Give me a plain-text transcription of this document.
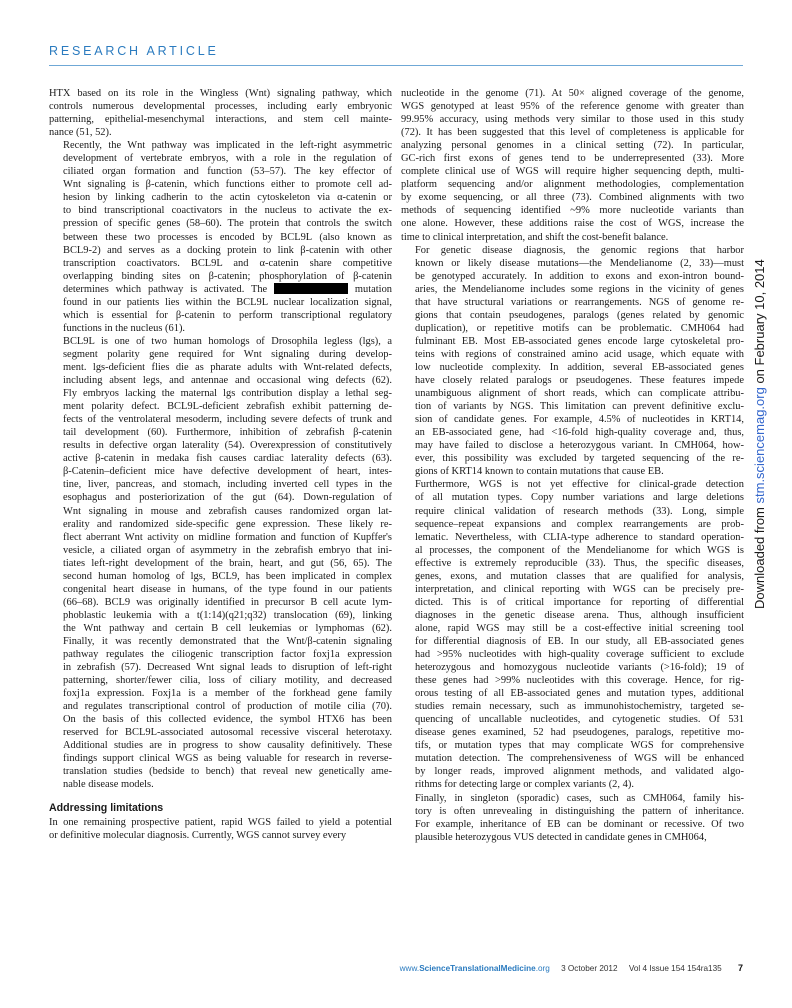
RESEARCH ARTICLE

HTX based on its role in the Wingless (Wnt) signaling pathway, which
controls numerous developmental processes, including early embryonic
patterning, epithelial-mesenchymal interactions, and stem cell mainte-
nance (51, 52).

Recently, the Wnt pathway was implicated in the left-right asymmetric
development of vertebrate embryos, with a role in the regulation of
ciliated organ formation and function (53–57). The key effector of
Wnt signaling is β-catenin, which functions either to promote cell ad-
hesion by linking cadherin to the actin cytoskeleton via α-catenin or
to bind transcriptional coactivators in the nucleus to activate the ex-
pression of specific genes (58–60). The protein that controls the switch
between these two processes is encoded by BCL9L (also known as
BCL9-2) and serves as a docking protein to link β-catenin with other
transcription coactivators. BCL9L and α-catenin share competitive
overlapping binding sites on β-catenin; phosphorylation of β-catenin
determines which pathway is activated. The	mutation
found in our patients lies within the BCL9L nuclear localization signal,
which is essential for β-catenin to perform transcriptional regulatory
functions in the nucleus (61).

BCL9L is one of two human homologs of Drosophila legless (lgs), a
segment polarity gene required for Wnt signaling during develop-
ment. lgs-deficient flies die as pharate adults with Wnt-related defects,
including absent legs, and antennae and occasional wing defects (62).
Fly embryos lacking the maternal lgs contribution display a lethal seg-
ment polarity defect. BCL9L-deficient zebrafish exhibit patterning de-
fects of the ventrolateral mesoderm, including severe defects of trunk and
tail development (60). Furthermore, inhibition of zebrafish β-catenin
results in defective organ laterality (54). Overexpression of constitutively
active β-catenin in medaka fish causes cardiac laterality defects (63).
β-Catenin–deficient mice have defective development of heart, intes-
tine, liver, pancreas, and stomach, including inverted cell types in the
esophagus and posteriorization of the gut (64). Down-regulation of
Wnt signaling in mouse and zebrafish causes randomized organ lat-
erality and randomized side-specific gene expression. These likely re-
flect aberrant Wnt activity on midline formation and function of Kupffer's
vesicle, a ciliated organ of asymmetry in the zebrafish embryo that ini-
tiates left-right development of the brain, heart, and gut (56, 65). The
second human homolog of lgs, BCL9, has been implicated in complex
congenital heart disease in humans, of the type found in our patients
(66–68). BCL9 was originally identified in precursor B cell acute lym-
phoblastic leukemia with a t(1:14)(q21;q32) translocation (69), linking
the Wnt pathway and certain B cell leukemias or lymphomas (62).
Finally, it was recently demonstrated that the Wnt/β-catenin signaling
pathway regulates the ciliogenic transcription factor foxj1a expression
in zebrafish (57). Decreased Wnt signal leads to disruption of left-right
patterning, shorter/fewer cilia, loss of ciliary motility, and decreased
foxj1a expression. Foxj1a is a member of the forkhead gene family
and regulates transcriptional control of production of motile cilia (70).
On the basis of this collected evidence, the symbol HTX6 has been
reserved for BCL9L-associated autosomal recessive visceral heterotaxy.
Additional studies are in progress to show causality definitively. These
findings support clinical WGS as being valuable for research in reverse-
translation studies (bedside to bench) that reveal new genetically ame-
nable disease models.

Addressing limitations

In one remaining prospective patient, rapid WGS failed to yield a potential
or definitive molecular diagnosis. Currently, WGS cannot survey every

nucleotide in the genome (71). At 50× aligned coverage of the genome,
WGS genotyped at least 95% of the reference genome with greater than
99.95% accuracy, using methods very similar to those used in this study
(72). It has been suggested that this level of completeness is applicable for
analyzing personal genomes in a clinical setting (72). In particular,
GC-rich first exons of genes tend to be underrepresented (33). More
complete clinical use of WGS will require higher sequencing depth, multi-
platform sequencing and/or alignment methodologies, complementation
by exome sequencing, or all three (73). Combined alignments with two
methods of sequencing identified ~9% more nucleotide variants than
one alone. However, these additions raise the cost of WGS, increase the
time to clinical interpretation, and shift the cost-benefit balance.

For genetic disease diagnosis, the genomic regions that harbor
known or likely disease mutations—the Mendelianome (2, 33)—must
be genotyped accurately. In addition to exons and exon-intron bound-
aries, the Mendelianome includes some regions in the vicinity of genes
that have structural variations or rearrangements. NGS of genome re-
gions that contain pseudogenes, paralogs (genes related by genomic
duplication), or repetitive motifs can be problematic. CMH064 had
fulminant EB. Most EB-associated genes encode large cytoskeletal pro-
teins with regions of constrained amino acid usage, which equate with
low nucleotide complexity. In addition, several EB-associated genes
have closely related paralogs or pseudogenes. These features impede
unambiguous alignment of short reads, which can complicate attribu-
tion of variants by NGS. This limitation can prevent definitive exclu-
sion of candidate genes. For example, 4.5% of nucleotides in KRT14,
an EB-associated gene, had <16-fold high-quality coverage and, thus,
may have failed to disclose a heterozygous variant. In CMH064, how-
ever, this possibility was excluded by targeted sequencing of the re-
gions of KRT14 known to contain mutations that cause EB.

Furthermore, WGS is not yet effective for clinical-grade detection
of all mutation types. Copy number variations and large deletions
require clinical validation of research methods (33). Long, simple
sequence–repeat expansions and complex rearrangements are prob-
lematic. Nevertheless, with CLIA-type adherence to standard operation-
al processes, the component of the Mendelianome for which WGS is
effective is extremely reproducible (33). Thus, the specific diseases,
genes, exons, and mutation classes that are qualified for analysis,
interpretation, and clinical reporting with WGS can be precisely pre-
dicted. This is of critical importance for reporting of differential
diagnoses in the genetic disease arena. Thus, although insufficient
alone, rapid WGS may still be a cost-effective initial screening tool
for differential diagnosis of EB. In our study, all EB-associated genes
had >95% nucleotides with high-quality coverage sufficient to exclude
heterozygous and homozygous nucleotide variants (>16-fold); 19 of
these genes had >99% nucleotides with this coverage. Hence, for rig-
orous testing of all EB-associated genes and mutation types, additional
studies remain necessary, such as immunohistochemistry, targeted se-
quencing of uncallable nucleotides, and cytogenetic studies. Of 531
disease genes examined, 52 had pseudogenes, paralogs, repetitive mo-
tifs, or mutation types that may complicate WGS for comprehensive
mutation detection. The comprehensiveness of WGS will be enhanced
by longer reads, improved alignment methods, and validated algo-
rithms for detecting large or complex variants (2, 4).

Finally, in singleton (sporadic) cases, such as CMH064, family his-
tory is often unrevealing in distinguishing the pattern of inheritance.
For example, inheritance of EB can be dominant or recessive. Of two
plausible heterozygous VUS detected in candidate genes in CMH064,

Downloaded from stm.sciencemag.org on February 10, 2014
www.ScienceTranslationalMedicine.org 3 October 2012 Vol 4 Issue 154 154ra135 7
